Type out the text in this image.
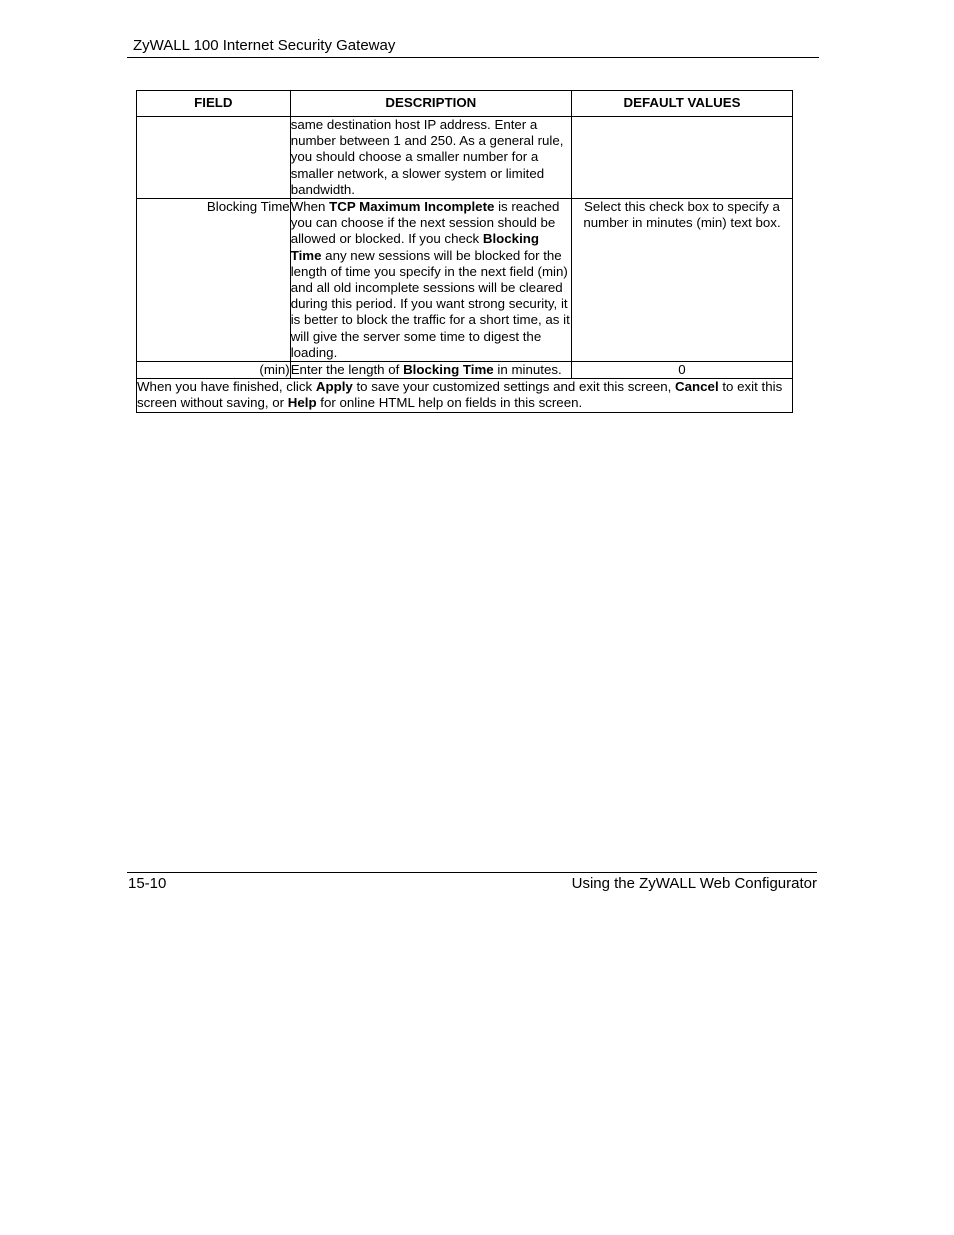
ZyWALL 100 Internet Security Gateway
FIELD	DESCRIPTION	DEFAULT VALUES
	same destination host IP address. Enter a number between 1 and 250. As a general rule, you should choose a smaller number for a smaller network, a slower system or limited bandwidth.	
Blocking Time	When TCP Maximum Incomplete is reached you can choose if the next session should be allowed or blocked. If you check Blocking Time any new sessions will be blocked for the length of time you specify in the next field (min) and all old incomplete sessions will be cleared during this period. If you want strong security, it is better to block the traffic for a short time, as it will give the server some time to digest the loading.	Select this check box to specify a number in minutes (min) text box.
(min)	Enter the length of Blocking Time in minutes.	0
When you have finished, click Apply to save your customized settings and exit this screen, Cancel to exit this screen without saving, or Help for online HTML help on fields in this screen.		
15-10	Using the ZyWALL Web Configurator
